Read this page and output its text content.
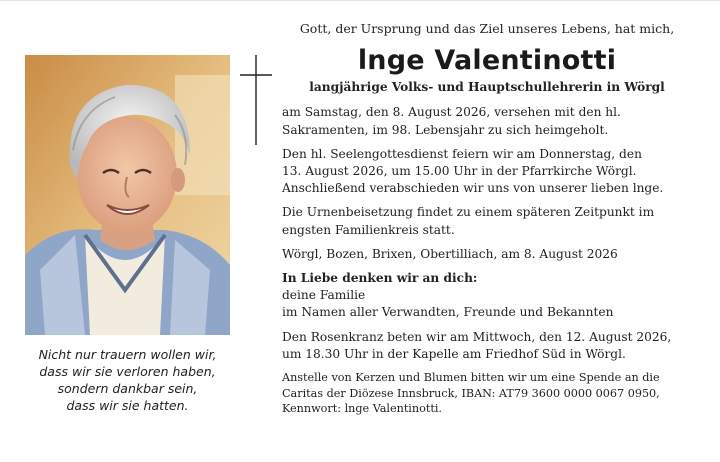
Nicht nur trauern wollen wir,
dass wir sie verloren haben,
sondern dankbar sein,
dass wir sie hatten.
Gott, der Ursprung und das Ziel unseres Lebens, hat mich,
lnge Valentinotti
langjährige Volks- und Hauptschullehrerin in Wörgl
am Samstag, den 8. August 2026, versehen mit den hl.
Sakramenten, im 98. Lebensjahr zu sich heimgeholt.
Den hl. Seelengottesdienst feiern wir am Donnerstag, den
13. August 2026, um 15.00 Uhr in der Pfarrkirche Wörgl.
Anschließend verabschieden wir uns von unserer lieben lnge.
Die Urnenbeisetzung findet zu einem späteren Zeitpunkt im
engsten Familienkreis statt.
Wörgl, Bozen, Brixen, Obertilliach, am 8. August 2026
In Liebe denken wir an dich:
deine Familie
im Namen aller Verwandten, Freunde und Bekannten
Den Rosenkranz beten wir am Mittwoch, den 12. August 2026,
um 18.30 Uhr in der Kapelle am Friedhof Süd in Wörgl.
Anstelle von Kerzen und Blumen bitten wir um eine Spende an die
Caritas der Diözese Innsbruck, IBAN: AT79 3600 0000 0067 0950,
Kennwort: lnge Valentinotti.
